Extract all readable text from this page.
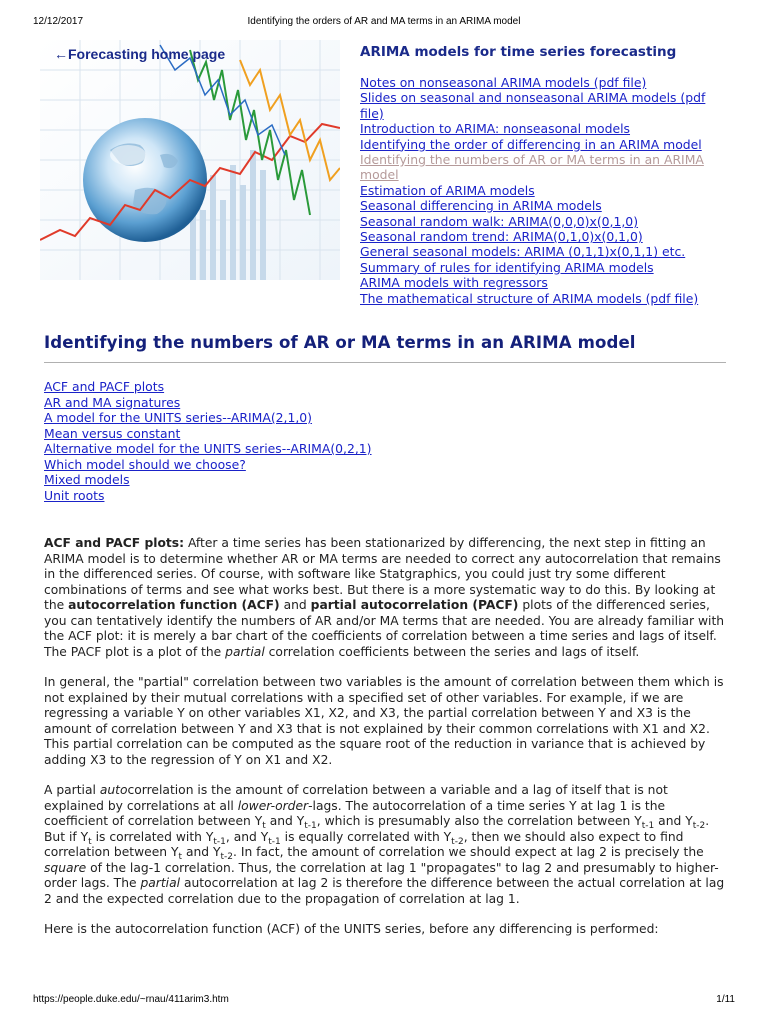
12/12/2017	Identifying the orders of AR and MA terms in an ARIMA model
←Forecasting home page	ARIMA models for time series forecasting
Notes on nonseasonal ARIMA models (pdf file)
Slides on seasonal and nonseasonal ARIMA models (pdf file)
Introduction to ARIMA: nonseasonal models
Identifying the order of differencing in an ARIMA model
Identifying the numbers of AR or MA terms in an ARIMA model
Estimation of ARIMA models
Seasonal differencing in ARIMA models
Seasonal random walk: ARIMA(0,0,0)x(0,1,0)
Seasonal random trend: ARIMA(0,1,0)x(0,1,0)
General seasonal models: ARIMA (0,1,1)x(0,1,1) etc.
Summary of rules for identifying ARIMA models
ARIMA models with regressors
The mathematical structure of ARIMA models (pdf file)
Identifying the numbers of AR or MA terms in an ARIMA model
ACF and PACF plots
AR and MA signatures
A model for the UNITS series--ARIMA(2,1,0)
Mean versus constant
Alternative model for the UNITS series--ARIMA(0,2,1)
Which model should we choose?
Mixed models
Unit roots

ACF and PACF plots: After a time series has been stationarized by differencing, the next step in fitting an ARIMA model is to determine whether AR or MA terms are needed to correct any autocorrelation that remains in the differenced series. Of course, with software like Statgraphics, you could just try some different combinations of terms and see what works best. But there is a more systematic way to do this. By looking at the autocorrelation function (ACF) and partial autocorrelation (PACF) plots of the differenced series, you can tentatively identify the numbers of AR and/or MA terms that are needed. You are already familiar with the ACF plot: it is merely a bar chart of the coefficients of correlation between a time series and lags of itself. The PACF plot is a plot of the partial correlation coefficients between the series and lags of itself.

In general, the "partial" correlation between two variables is the amount of correlation between them which is not explained by their mutual correlations with a specified set of other variables. For example, if we are regressing a variable Y on other variables X1, X2, and X3, the partial correlation between Y and X3 is the amount of correlation between Y and X3 that is not explained by their common correlations with X1 and X2. This partial correlation can be computed as the square root of the reduction in variance that is achieved by adding X3 to the regression of Y on X1 and X2.

A partial autocorrelation is the amount of correlation between a variable and a lag of itself that is not explained by correlations at all lower-order-lags. The autocorrelation of a time series Y at lag 1 is the coefficient of correlation between $Y_t$ and $Y_{t-1}$, which is presumably also the correlation between $Y_{t-1}$ and $Y_{t-2}$. But if $Y_t$ is correlated with $Y_{t-1}$, and $Y_{t-1}$ is equally correlated with $Y_{t-2}$, then we should also expect to find correlation between $Y_t$ and $Y_{t-2}$. In fact, the amount of correlation we should expect at lag 2 is precisely the square of the lag-1 correlation. Thus, the correlation at lag 1 "propagates" to lag 2 and presumably to higher-order lags. The partial autocorrelation at lag 2 is therefore the difference between the actual correlation at lag 2 and the expected correlation due to the propagation of correlation at lag 1.

Here is the autocorrelation function (ACF) of the UNITS series, before any differencing is performed:

https://people.duke.edu/~rnau/411arim3.htm	1/11
